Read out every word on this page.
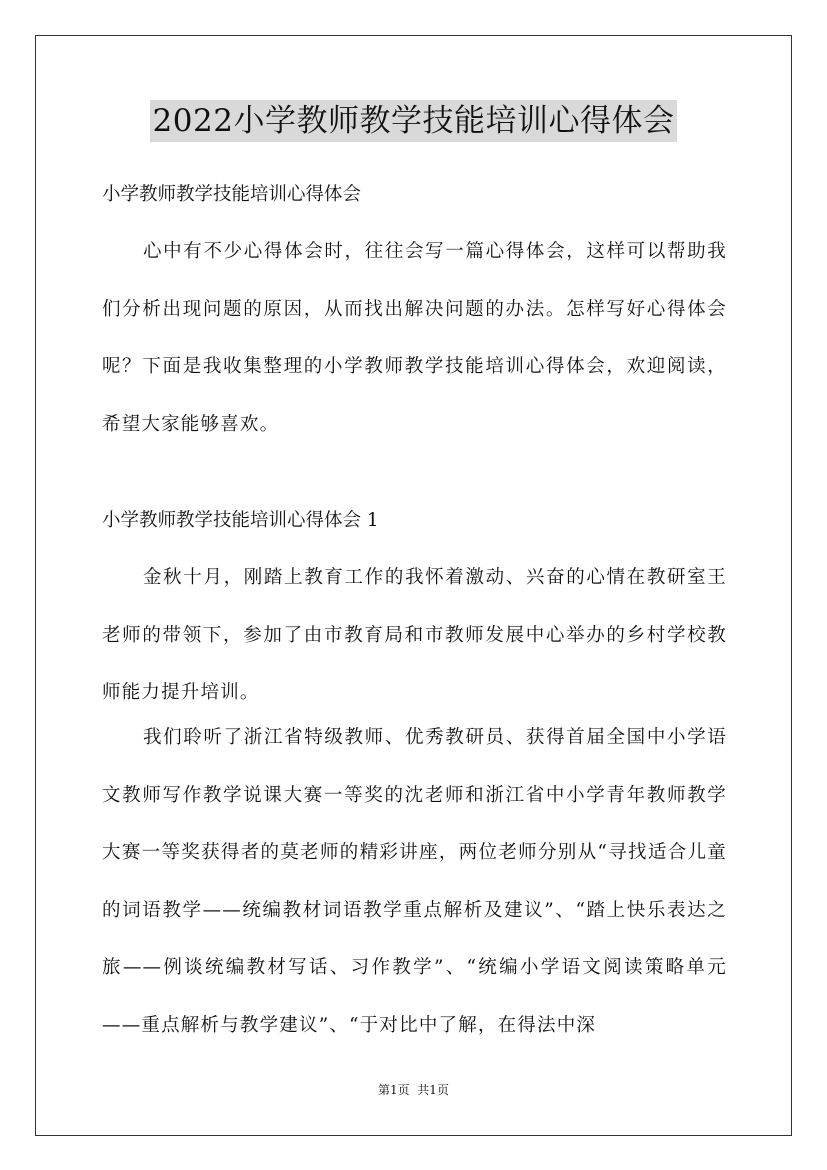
2022小学教师教学技能培训心得体会

小学教师教学技能培训心得体会

心中有不少心得体会时，往往会写一篇心得体会，这样可以帮助我们分析出现问题的原因，从而找出解决问题的办法。怎样写好心得体会呢？下面是我收集整理的小学教师教学技能培训心得体会，欢迎阅读，希望大家能够喜欢。

小学教师教学技能培训心得体会 1

金秋十月，刚踏上教育工作的我怀着激动、兴奋的心情在教研室王老师的带领下，参加了由市教育局和市教师发展中心举办的乡村学校教师能力提升培训。

我们聆听了浙江省特级教师、优秀教研员、获得首届全国中小学语文教师写作教学说课大赛一等奖的沈老师和浙江省中小学青年教师教学大赛一等奖获得者的莫老师的精彩讲座，两位老师分别从“寻找适合儿童的词语教学——统编教材词语教学重点解析及建议”、“踏上快乐表达之旅——例谈统编教材写话、习作教学”、“统编小学语文阅读策略单元——重点解析与教学建议”、“于对比中了解，在得法中深

第1页  共1页
